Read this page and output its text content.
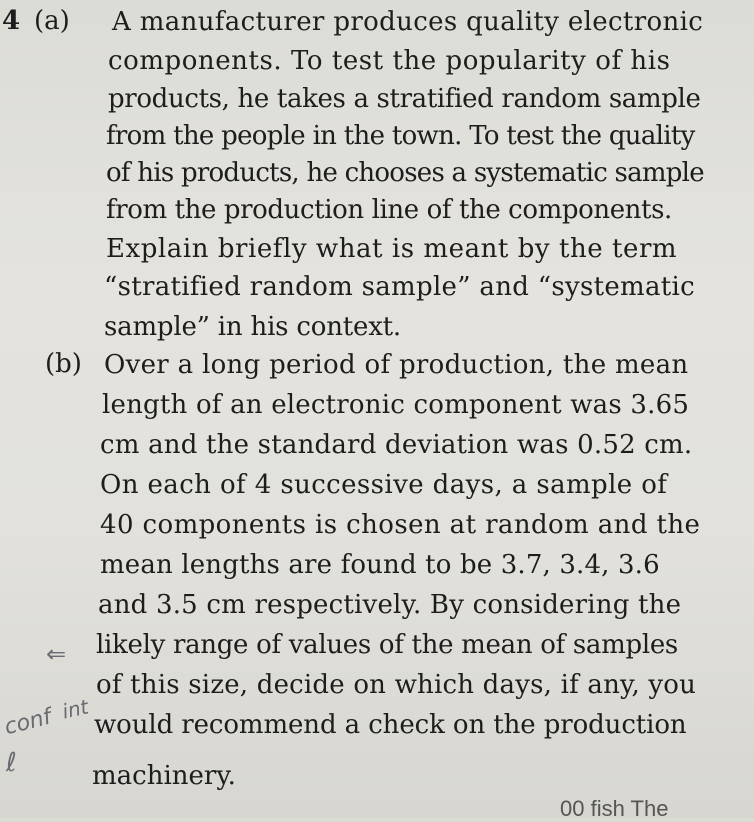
4 (a) A manufacturer produces quality electronic
components. To test the popularity of his
products, he takes a stratified random sample
from the people in the town. To test the quality
of his products, he chooses a systematic sample
from the production line of the components.
Explain briefly what is meant by the term
“stratified random sample” and “systematic
sample” in his context.
(b) Over a long period of production, the mean
length of an electronic component was 3.65
cm and the standard deviation was 0.52 cm.
On each of 4 successive days, a sample of
40 components is chosen at random and the
mean lengths are found to be 3.7, 3.4, 3.6
and 3.5 cm respectively. By considering the
likely range of values of the mean of samples
of this size, decide on which days, if any, you
would recommend a check on the production
machinery.
⇐
conf int
ℓ
00 fish The
